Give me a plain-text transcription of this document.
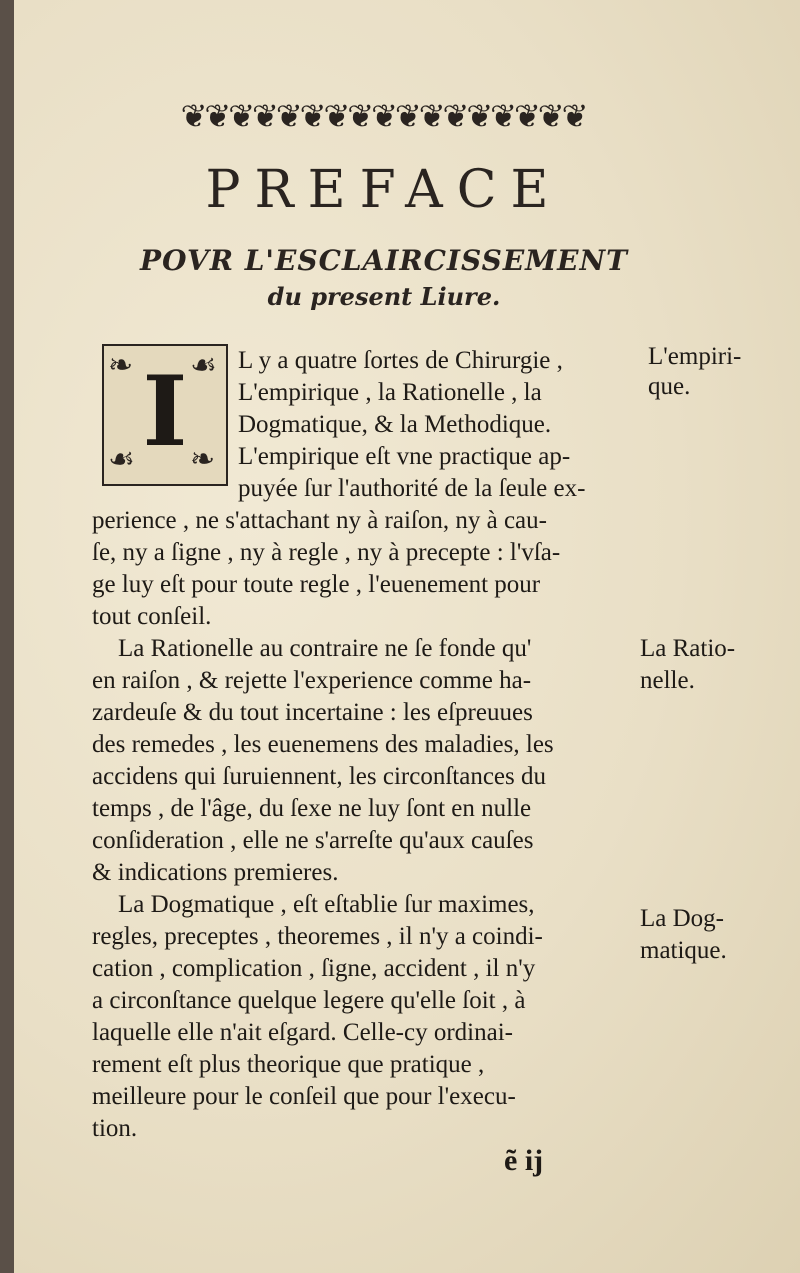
❦❦❦❦❦❦❦❦❦❦❦❦❦❦❦❦❦
PREFACE
POVR L'ESCLAIRCISSEMENT
du present Liure.
❧ ☙
☙ ❧
I L y a quatre ſortes de Chirurgie ,
L'empirique , la Rationelle , la
Dogmatique, & la Methodique.
L'empirique eſt vne practique ap-
puyée ſur l'authorité de la ſeule ex-
perience , ne s'attachant ny à raiſon, ny à cau-
ſe, ny a ſigne , ny à regle , ny à precepte : l'vſa-
ge luy eſt pour toute regle , l'euenement pour
tout conſeil.
La Rationelle au contraire ne ſe fonde qu'
en raiſon , & rejette l'experience comme ha-
zardeuſe & du tout incertaine : les eſpreuues
des remedes , les euenemens des maladies, les
accidens qui ſuruiennent, les circonſtances du
temps , de l'âge, du ſexe ne luy ſont en nulle
conſideration , elle ne s'arreſte qu'aux cauſes
& indications premieres.
La Dogmatique , eſt eſtablie ſur maximes,
regles, preceptes , theoremes , il n'y a coindi-
cation , complication , ſigne, accident , il n'y
a circonſtance quelque legere qu'elle ſoit , à
laquelle elle n'ait eſgard. Celle-cy ordinai-
rement eſt plus theorique que pratique ,
meilleure pour le conſeil que pour l'execu-
tion.
L'empiri-
que.
La Ratio-
nelle.
La Dog-
matique.
ẽ ij
